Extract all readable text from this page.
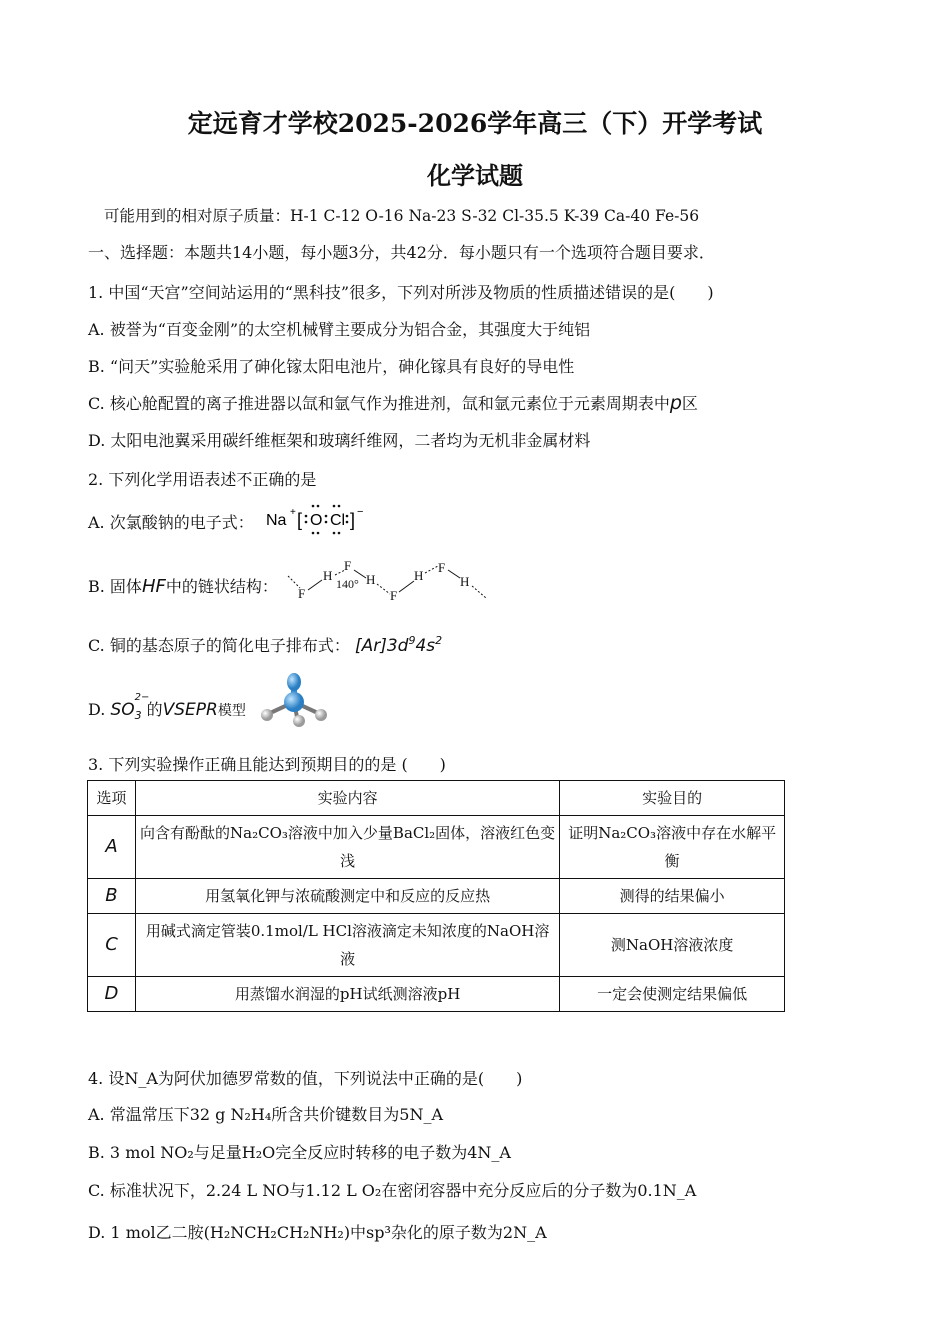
定远育才学校2025-2026学年高三（下）开学考试
化学试题
可能用到的相对原子质量：H-1 C-12 O-16 Na-23 S-32 Cl-35.5 K-39 Ca-40 Fe-56
一、选择题：本题共14小题，每小题3分，共42分．每小题只有一个选项符合题目要求．
1. 中国“天宫”空间站运用的“黑科技”很多，下列对所涉及物质的性质描述错误的是(　　)
A. 被誉为“百变金刚”的太空机械臂主要成分为铝合金，其强度大于纯铝
B. “问天”实验舱采用了砷化镓太阳电池片，砷化镓具有良好的导电性
C. 核心舱配置的离子推进器以氙和氩气作为推进剂，氙和氩元素位于元素周期表中p区
D. 太阳电池翼采用碳纤维框架和玻璃纤维网，二者均为无机非金属材料
2. 下列化学用语表述不正确的是
A. 次氯酸钠的电子式： Na + [ O Cl ] −
B. 固体HF中的链状结构： F
H
F
140° H
F
H
F
H
C. 铜的基态原子的简化电子排布式： $[Ar]3d^94s^2$
D. SO
2−
3 的VSEPR模型
3. 下列实验操作正确且能达到预期目的的是 (　　)
选项	实验内容	实验目的
A	向含有酚酞的Na₂CO₃溶液中加入少量BaCl₂固体，溶液红色变浅	证明Na₂CO₃溶液中存在水解平衡
B	用氢氧化钾与浓硫酸测定中和反应的反应热	测得的结果偏小
C	用碱式滴定管装0.1mol/L HCl溶液滴定未知浓度的NaOH溶液	测NaOH溶液浓度
D	用蒸馏水润湿的pH试纸测溶液pH	一定会使测定结果偏低
4. 设N_A为阿伏加德罗常数的值，下列说法中正确的是(　　)
A. 常温常压下32 g N₂H₄所含共价键数目为5N_A
B. 3 mol NO₂与足量H₂O完全反应时转移的电子数为4N_A
C. 标准状况下，2.24 L NO与1.12 L O₂在密闭容器中充分反应后的分子数为0.1N_A
D. 1 mol乙二胺(H₂NCH₂CH₂NH₂)中sp³杂化的原子数为2N_A
